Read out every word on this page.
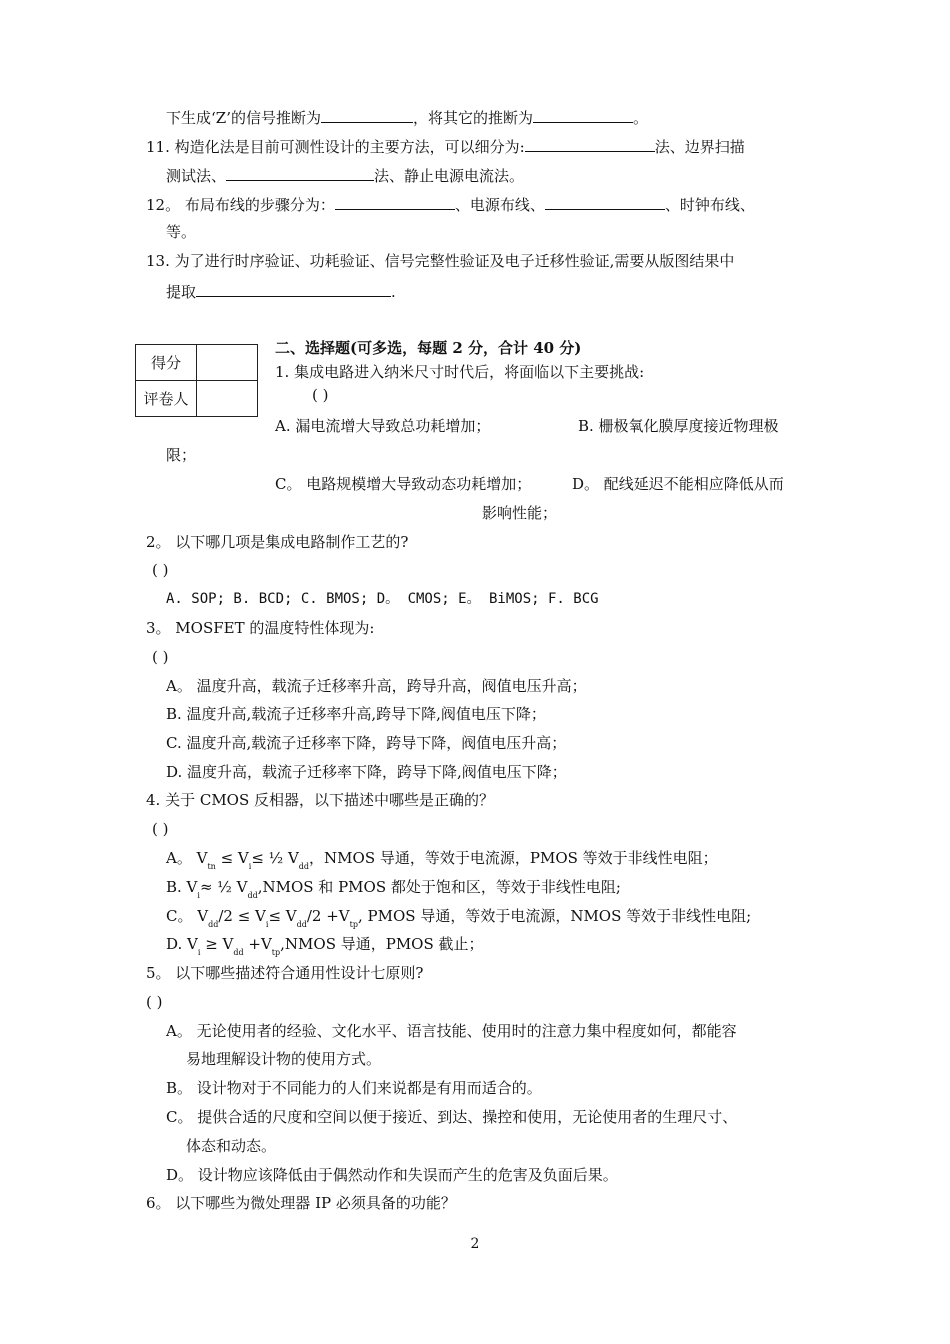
下生成‘Z’的信号推断为	，将其它的推断为	。
11. 构造化法是目前可测性设计的主要方法，可以细分为:	法、边界扫描
测试法、	法、静止电源电流法。
12。 布局布线的步骤分为：	、电源布线、	、时钟布线、
等。
13. 为了进行时序验证、功耗验证、信号完整性验证及电子迁移性验证,需要从版图结果中
提取	.
得分	
评卷人	
二、选择题(可多选，每题 2 分，合计 40 分)
1. 集成电路进入纳米尺寸时代后，将面临以下主要挑战:
( )
A. 漏电流增大导致总功耗增加；	B. 栅极氧化膜厚度接近物理极
限；
C。 电路规模增大导致动态功耗增加；	D。 配线延迟不能相应降低从而
影响性能；
2。 以下哪几项是集成电路制作工艺的?
( )
A. SOP; B. BCD; C. BMOS; D。 CMOS; E。 BiMOS; F. BCG
3。 MOSFET 的温度特性体现为:
( )
A。 温度升高，载流子迁移率升高，跨导升高，阀值电压升高；
B. 温度升高,载流子迁移率升高,跨导下降,阀值电压下降；
C. 温度升高,载流子迁移率下降，跨导下降，阀值电压升高；
D. 温度升高，载流子迁移率下降，跨导下降,阀值电压下降；
4. 关于 CMOS 反相器，以下描述中哪些是正确的？
( )
A。 $V_{tn} \le V_i\le$ ½ $V_{dd}$，NMOS 导通，等效于电流源，PMOS 等效于非线性电阻；
B. $V_i\approx$ ½ $V_{dd},NMOS$ 和 PMOS 都处于饱和区，等效于非线性电阻;
C。 $V_{dd}/2 \le V_i\le V_{dd}/2 +V_{tp}$, PMOS 导通，等效于电流源，NMOS 等效于非线性电阻;
D. $V_i \ge V_{dd}$ $+V_{tp},NMOS$ 导通，PMOS 截止；
5。 以下哪些描述符合通用性设计七原则?
( )
A。 无论使用者的经验、文化水平、语言技能、使用时的注意力集中程度如何，都能容
易地理解设计物的使用方式。
B。 设计物对于不同能力的人们来说都是有用而适合的。
C。 提供合适的尺度和空间以便于接近、到达、操控和使用，无论使用者的生理尺寸、
体态和动态。
D。 设计物应该降低由于偶然动作和失误而产生的危害及负面后果。
6。 以下哪些为微处理器 IP 必须具备的功能？
2
